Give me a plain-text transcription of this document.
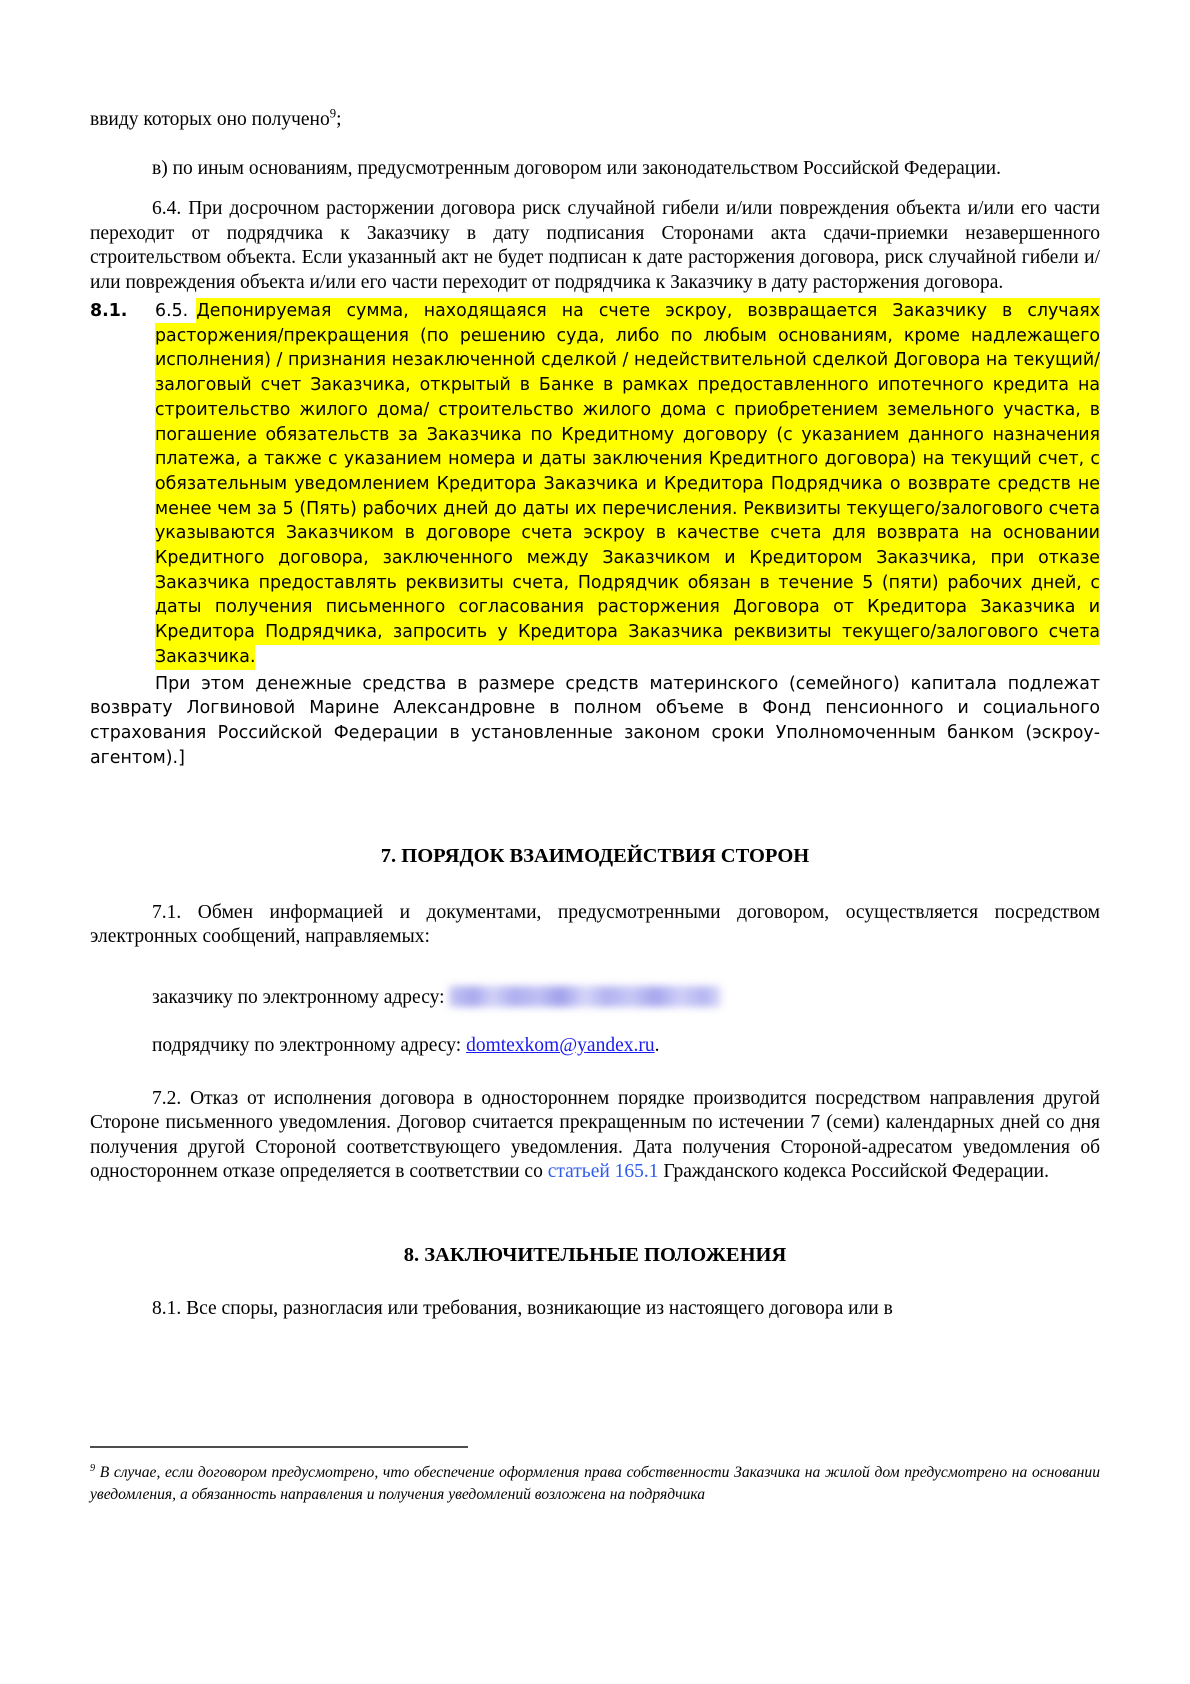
ввиду которых оно получено$^9$;

в) по иным основаниям, предусмотренным договором или законодательством Российской Федерации.

6.4. При досрочном расторжении договора риск случайной гибели и/или повреждения объекта и/или его части переходит от подрядчика к Заказчику в дату подписания Сторонами акта сдачи-приемки незавершенного строительством объекта. Если указанный акт не будет подписан к дате расторжения договора, риск случайной гибели и/или повреждения объекта и/или его части переходит от подрядчика к Заказчику в дату расторжения договора.

8.1. 6.5. Депонируемая сумма, находящаяся на счете эскроу, возвращается Заказчику в случаях расторжения/прекращения (по решению суда, либо по любым основаниям, кроме надлежащего исполнения) / признания незаключенной сделкой / недействительной сделкой Договора на текущий/залоговый счет Заказчика, открытый в Банке в рамках предоставленного ипотечного кредита на строительство жилого дома/ строительство жилого дома с приобретением земельного участка, в погашение обязательств за Заказчика по Кредитному договору (с указанием данного назначения платежа, а также с указанием номера и даты заключения Кредитного договора) на текущий счет, с обязательным уведомлением Кредитора Заказчика и Кредитора Подрядчика о возврате средств не менее чем за 5 (Пять) рабочих дней до даты их перечисления. Реквизиты текущего/залогового счета указываются Заказчиком в договоре счета эскроу в качестве счета для возврата на основании Кредитного договора, заключенного между Заказчиком и Кредитором Заказчика, при отказе Заказчика предоставлять реквизиты счета, Подрядчик обязан в течение 5 (пяти) рабочих дней, с даты получения письменного согласования расторжения Договора от Кредитора Заказчика и Кредитора Подрядчика, запросить у Кредитора Заказчика реквизиты текущего/залогового счета Заказчика.

При этом денежные средства в размере средств материнского (семейного) капитала подлежат возврату Логвиновой Марине Александровне в полном объеме в Фонд пенсионного и социального страхования Российской Федерации в установленные законом сроки Уполномоченным банком (эскроу-агентом).]

7. ПОРЯДОК ВЗАИМОДЕЙСТВИЯ СТОРОН

7.1. Обмен информацией и документами, предусмотренными договором, осуществляется посредством электронных сообщений, направляемых:

заказчику по электронному адресу:

подрядчику по электронному адресу: domtexkom@yandex.ru.

7.2. Отказ от исполнения договора в одностороннем порядке производится посредством направления другой Стороне письменного уведомления. Договор считается прекращенным по истечении 7 (семи) календарных дней со дня получения другой Стороной соответствующего уведомления. Дата получения Стороной-адресатом уведомления об одностороннем отказе определяется в соответствии со статьей 165.1 Гражданского кодекса Российской Федерации.

8. ЗАКЛЮЧИТЕЛЬНЫЕ ПОЛОЖЕНИЯ

8.1. Все споры, разногласия или требования, возникающие из настоящего договора или в

$^9$ В случае, если договором предусмотрено, что обеспечение оформления права собственности Заказчика на жилой дом предусмотрено на основании уведомления, а обязанность направления и получения уведомлений возложена на подрядчика
